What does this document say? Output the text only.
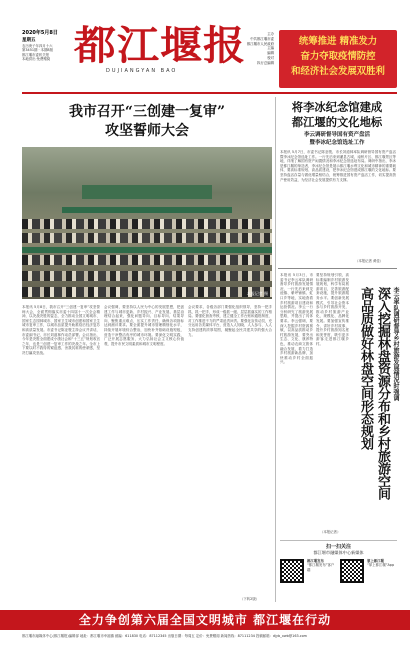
2020年5月8日
星期五
农历庚子年四月十六
第3451期 · 本期8版
都江堰市委机关报
本地供出·免费赠阅 都江堰报
DUJIANGYAN BAO
主办
中共都江堰市委
都江堰市人民政府
主编
编辑
校对
执行总编辑
统筹推进 精准发力
奋力夺取疫情防控
和经济社会发展双胜利
我市召开“三创建一复审”
攻坚誓师大会
本报记者 摄
本报讯 5月8日，我市召开“三创建一复审”攻坚誓师大会，全面贯彻落实市委十四届十一次全会精神，以决战决胜的姿态，全力推动全国文明城市、国家生态园林城市、国家卫生城市创建和国家卫生城市复审工作，以城市品质提升助推疫后经济复苏和高质量发展。市委书记陈亚骏主持会议并讲话，市委副书记、市长刘道林作动员部署。会议指出，今年是决胜全面建成小康社会和“十三五”规划收官之年，也是三创建一复审工作的决战之年。全市上下要以时不我待的紧迫感、舍我其谁的使命感，坚决打赢攻坚战。
会议强调，要坚持以人民为中心的发展思想，把创建工作与城市更新、乡村振兴、产业发展、基层治理结合起来，强化问题导向、目标导向、结果导向，聚焦重点难点，压实工作责任，确保各项指标达到测评要求。要全面提升城市管理精细化水平，持续开展环境综合整治，加快补齐基础设施短板，营造干净整洁有序的城市环境。要深化文明实践，广泛开展志愿服务，大力弘扬社会主义核心价值观，提升市民文明素质和城市文明程度。
会议要求，各级各部门要强化组织领导，坚持一把手抓、抓一把手，形成一级抓一级、层层抓落实的工作格局。要强化督查考核，建立健全工作台账和通报制度，对工作推进不力的严肃追责问责。要强化宣传动员，充分运用各类媒体平台，营造人人知晓、人人参与、人人支持创建的浓厚氛围，凝聚起全民共建共享的强大合力。
（下转2版）
将李冰纪念馆建成
都江堰的文化地标
李云调研督导国有资产盘活
暨李冰纪念馆选址工作
本报讯 5月7日，市委书记陈亚骏、市长刘道林率队调研督导国有资产盘活暨李冰纪念馆选址工作。一行先后来到灌县古城、南桥片区、都江堰景区等地，详细了解国有资产闲置情况和李冰纪念馆选址布局。调研中指出，李冰是都江堰的缔造者，李冰纪念馆是展示都江堰水利文化和城市精神的重要载体，要高标准规划、高品质建设，把李冰纪念馆建成都江堰的文化地标。要坚持盘活存量与做优增量相结合，统筹推进国有资产盘活工作，切实提高资产使用效益，为经济社会发展提供有力支撑。
（本报记者 黄佳）
本报讯 5月3日，市委书记李云率队调研督导乡村旅游发展情况，一行先后来到龙池镇、紫坪铺镇、虹口乡等地，实地查看乡村旅游项目建设和运营情况。李云一行分析研究了旅游发展思路，并提出了具体要求。李云强调，要深入挖掘乡村资源禀赋，以高品质推动乡村旅游发展，要突出生态、文化、康养特色，推动农商文旅体融合发展，着力打造乡村旅游新品牌，加快推动乡村全面振兴。
要坚持规划引领，高标准编制乡村旅游发展规划，科学布局旅游项目，完善旅游配套设施，提升旅游服务水平。要创新发展模式，引导社会资本参与乡村旅游开发，推动乡村旅游产业化、规模化、品牌化发展。要加强宣传推介，讲好乡村故事，提升乡村旅游知名度和美誉度，吸引更多游客走进都江堰乡村。
（本报记者）
李云率队调研督导乡村旅游发展情况时强调
深入挖掘林盘资源分布和乡村旅游空间
高品质做好林盘空间形态规划
扫一扫关注
都江堰市融媒体中心新媒体
都江堰发布
“都江堰发布”客户端
掌上都江堰
“掌上都江堰”App
全力争创第六届全国文明城市 都江堰在行动
都江堰市融媒体中心(都江堰报)编辑部 地址：都江堰市幸福镇 邮编：611830 电话：87112345 出版日期：每周五 定价：免费赠阅 新闻热线：87111234 投稿邮箱：djyb_xwb@163.com
